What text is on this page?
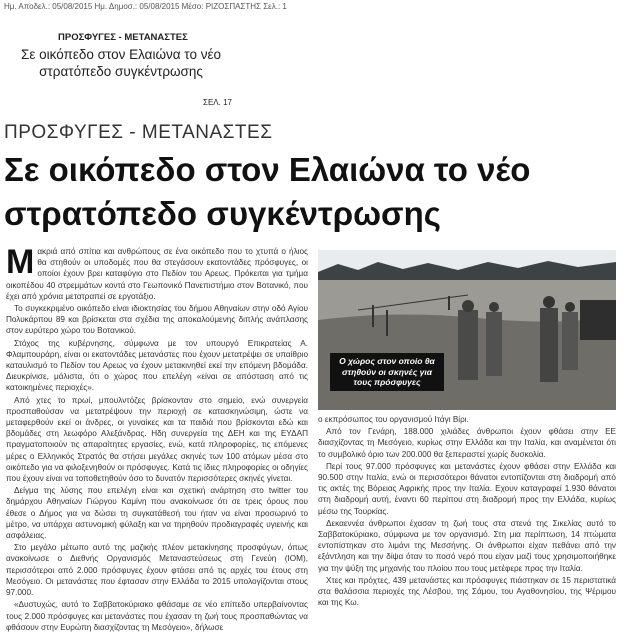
Ημ. Αποδελ.: 05/08/2015 Ημ. Δημοσ.: 05/08/2015 Μέσο: ΡΙΖΟΣΠΑΣΤΗΣ Σελ.: 1
ΠΡΟΣΦΥΓΕΣ - ΜΕΤΑΝΑΣΤΕΣ
Σε οικόπεδο στον Ελαιώνα το νέο στρατόπεδο συγκέντρωσης
ΣΕΛ. 17
ΠΡΟΣΦΥΓΕΣ - ΜΕΤΑΝΑΣΤΕΣ
Σε οικόπεδο στον Ελαιώνα το νέο στρατόπεδο συγκέντρωσης
Μ ακριά από σπίτια και ανθρώπους σε ένα οικόπεδο που το χτυπά ο ήλιος θα στηθούν οι υποδομές που θα στεγάσουν εκατοντάδες πρόσφυγες, οι οποίοι έχουν βρει καταφύγιο στο Πεδίον του Αρεως. Πρόκειται για τμήμα οικοπέδου 40 στρεμμάτων κοντά στο Γεωπονικό Πανεπιστήμιο στον Βοτανικό, που έχει από χρόνια μετατραπεί σε εργοτάξιο.

Το συγκεκριμένο οικόπεδο είναι ιδιοκτησίας του δήμου Αθηναίων στην οδό Αγίου Πολυκάρπου 89 και βρίσκεται στα σχέδια της αποκαλούμενης διπλής ανάπλασης στον ευρύτερο χώρο του Βοτανικού.

Στόχος της κυβέρνησης, σύμφωνα με τον υπουργό Επικρατείας Α. Φλαμπουράρη, είναι οι εκατοντάδες μετανάστες που έχουν μετατρέψει σε υπαίθριο καταυλισμό το Πεδίον του Αρεως να έχουν μετακινηθεί εκεί την επόμενη βδομάδα. Διευκρίνισε, μάλιστα, ότι ο χώρος που επελέγη «είναι σε απόσταση από τις κατοικημένες περιοχές».

Από χτες το πρωί, μπουλντόζες βρίσκονταν στο σημείο, ενώ συνεργεία προσπαθούσαν να μετατρέψουν την περιοχή σε κατασκηνώσιμη, ώστε να μεταφερθούν εκεί οι άνδρες, οι γυναίκες και τα παιδιά που βρίσκονται εδώ και βδομάδες στη λεωφόρο Αλεξάνδρας. Ηδη συνεργεία της ΔΕΗ και της ΕΥΔΑΠ πραγματοποιούν τις απαραίτητες εργασίες, ενώ, κατά πληροφορίες, τις επόμενες μέρες ο Ελληνικός Στρατός θα στήσει μεγάλες σκηνές των 100 ατόμων μέσα στο οικόπεδο για να φιλοξενηθούν οι πρόσφυγες. Κατά τις ίδιες πληροφορίες οι οδηγίες που έχουν είναι να τοποθετηθούν όσο το δυνατόν περισσότερες σκηνές γίνεται.

Δείγμα της λύσης που επελέγη είναι και σχετική ανάρτηση στο twitter του δημάρχου Αθηναίων Γιώργου Καμίνη που ανακοίνωσε ότι σε τρεις όρους που έθεσε ο Δήμος για να δώσει τη συγκατάθεσή του ήταν να είναι προσωρινό το μέτρο, να υπάρχει αστυνομική φύλαξη και να τηρηθούν προδιαγραφές υγιεινής και ασφάλειας.

Στο μεγάλο μέτωπο αυτό της μαζικής πλέον μετακίνησης προσφύγων, όπως ανακοίνωσε ο Διεθνής Οργανισμός Μεταναστεύσεως στη Γενεύη (ΙΟΜ), περισσότεροι από 2.000 πρόσφυγες έχουν φτάσει από τις αρχές του έτους στη Μεσόγειο. Οι μετανάστες που έφτασαν στην Ελλάδα το 2015 υπολογίζονται στους 97.000.

«Δυστυχώς, αυτό το Σαββατοκύριακο φθάσαμε σε νέο επίπεδο υπερβαίνοντας τους 2.000 πρόσφυγες και μετανάστες που έχασαν τη ζωή τους προσπαθώντας να φθάσουν στην Ευρώπη διασχίζοντας τη Μεσόγειο», δήλωσε

Ο χώρος στον οποίο θα στηθούν οι σκηνές για τους πρόσφυγες

ο εκπρόσωπος του οργανισμού Ιτάγι Βίρι.

Από τον Γενάρη, 188.000 χιλιάδες άνθρωποι έχουν φθάσει στην ΕΕ διασχίζοντας τη Μεσόγειο, κυρίως στην Ελλάδα και την Ιταλία, και αναμένεται ότι το συμβολικό όριο των 200.000 θα ξεπεραστεί χωρίς δυσκολία.

Περί τους 97.000 πρόσφυγες και μετανάστες έχουν φθάσει στην Ελλάδα και 90.500 στην Ιταλία, ενώ οι περισσότεροι θάνατοι εντοπίζονται στη διαδρομή από τις ακτές της Βόρειας Αφρικής προς την Ιταλία. Εχουν καταγραφεί 1.930 θάνατοι στη διαδρομή αυτή, έναντι 60 περίπου στη διαδρομή προς την Ελλάδα, κυρίως μέσω της Τουρκίας.

Δεκαεννέα άνθρωποι έχασαν τη ζωή τους στα στενά της Σικελίας αυτό το Σαββατοκύριακο, σύμφωνα με τον οργανισμό. Στη μια περίπτωση, 14 πτώματα εντοπίστηκαν στο λιμάνι της Μεσσήνης. Οι άνθρωποι είχαν πεθάνει από την εξάντληση και την δίψα όταν το ποσό νερό που είχαν μαζί τους χρησιμοποιήθηκε για την ψύξη της μηχανής του πλοίου που τους μετέφερε προς την Ιταλία.

Χτες και πρόχτες, 439 μετανάστες και πρόσφυγες πιάστηκαν σε 15 περιστατικά στα θαλάσσια περιοχές της Λέσβου, της Σάμου, του Αγαθονησίου, της Ψέριμου και της Κω.
